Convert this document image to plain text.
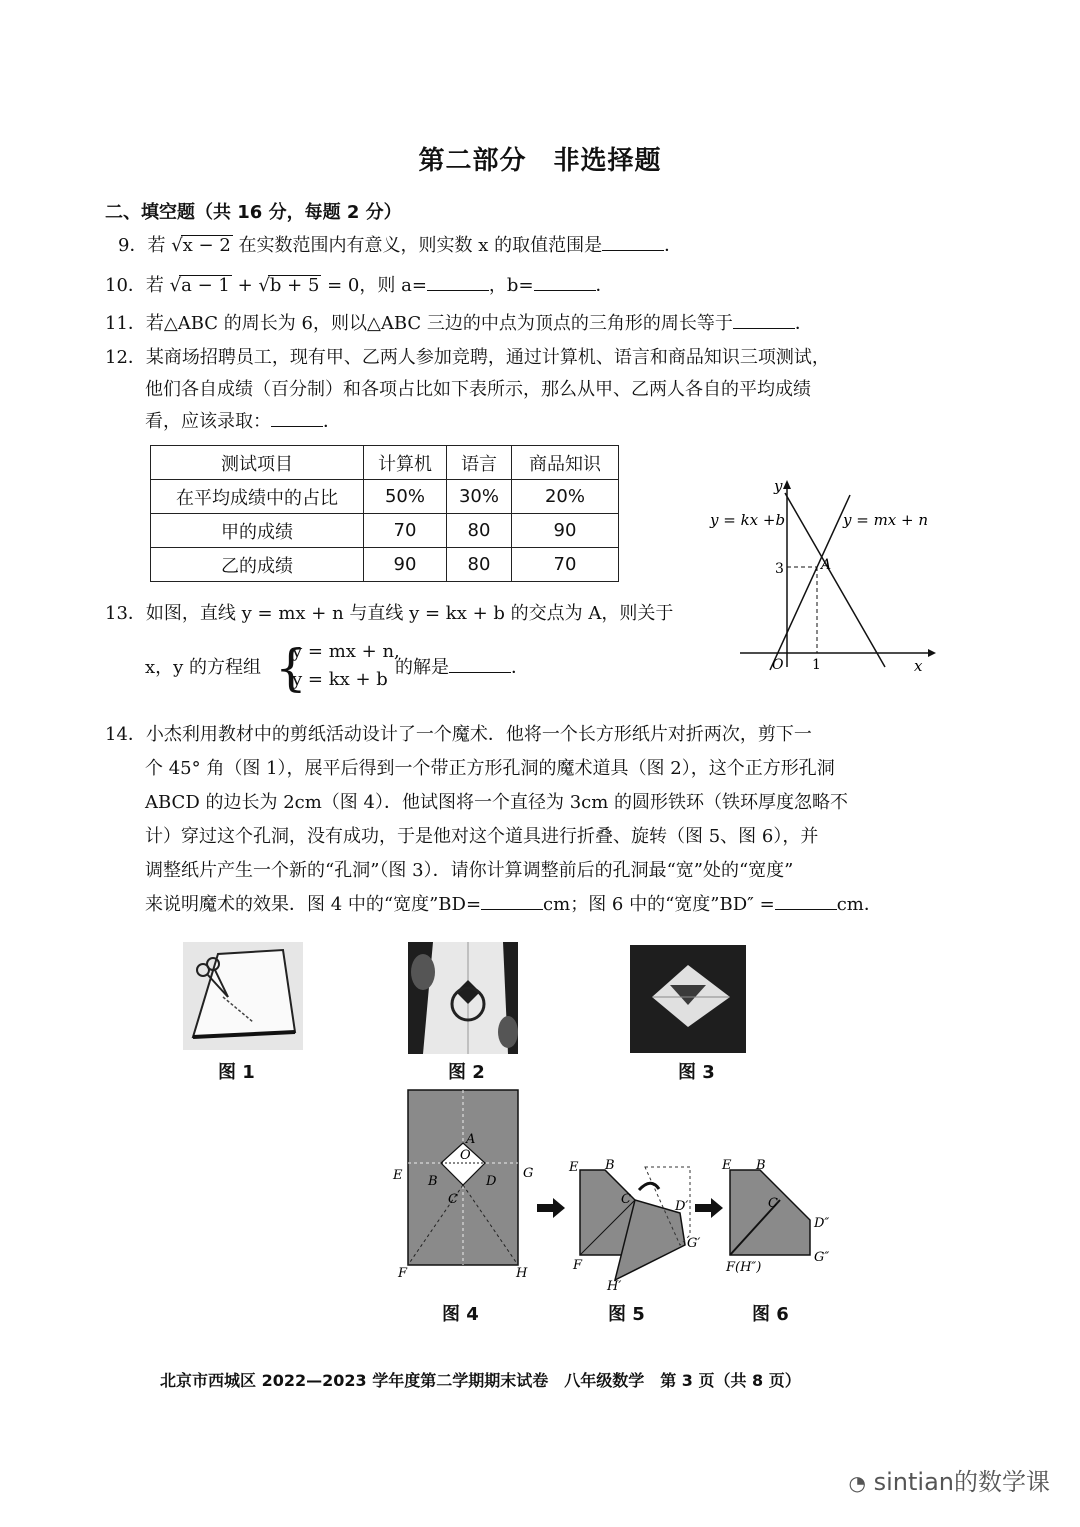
第二部分　非选择题
二、填空题（共 16 分，每题 2 分）
9．若 √x − 2 在实数范围内有意义，则实数 x 的取值范围是	．
10．若 √a − 1 + √b + 5 = 0，则 a=	，b=	．
11．若△ABC 的周长为 6，则以△ABC 三边的中点为顶点的三角形的周长等于	．
12．某商场招聘员工，现有甲、乙两人参加竞聘，通过计算机、语言和商品知识三项测试，
他们各自成绩（百分制）和各项占比如下表所示，那么从甲、乙两人各自的平均成绩
看，应该录取：	．
测试项目	计算机	语言	商品知识
在平均成绩中的占比	50%	30%	20%
甲的成绩	70	80	90
乙的成绩	90	80	70
y = kx +b	y = mx + n
A
3
1
O	x
y
13．如图，直线 y = mx + n 与直线 y = kx + b 的交点为 A，则关于
x，y 的方程组 {
y = mx + n,
y = kx + b
的解是	．
14．小杰利用教材中的剪纸活动设计了一个魔术．他将一个长方形纸片对折两次，剪下一
个 45° 角（图 1），展平后得到一个带正方形孔洞的魔术道具（图 2），这个正方形孔洞
ABCD 的边长为 2cm（图 4）．他试图将一个直径为 3cm 的圆形铁环（铁环厚度忽略不
计）穿过这个孔洞，没有成功，于是他对这个道具进行折叠、旋转（图 5、图 6），并
调整纸片产生一个新的“孔洞”（图 3）．请你计算调整前后的孔洞最“宽”处的“宽度”
来说明魔术的效果．图 4 中的“宽度”BD=	cm；图 6 中的“宽度”BD″ =	cm．
图 1	图 2	图 3
A
O
B
C
D
E	G
F	H
E B
C	D′
G′
F
H′
E B
C
D″
G″
F(H″)
图 4	图 5	图 6
北京市西城区 2022—2023 学年度第二学期期末试卷　八年级数学　第 3 页（共 8 页）
◔ sintian的数学课
